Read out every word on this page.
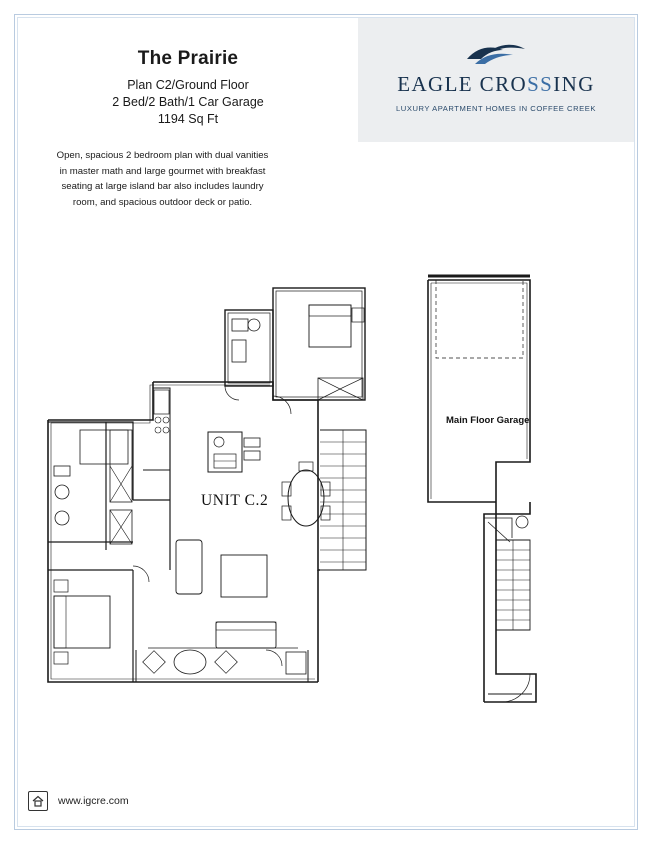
The Prairie
Plan C2/Ground Floor
2 Bed/2 Bath/1 Car Garage
1194 Sq Ft
EAGLE CROSSING
LUXURY APARTMENT HOMES IN COFFEE CREEK
Open, spacious 2 bedroom plan with dual vanities in master math and large gourmet with breakfast seating at large island bar also includes laundry room, and spacious outdoor deck or patio.
UNIT C.2
Main Floor Garage
www.igcre.com
